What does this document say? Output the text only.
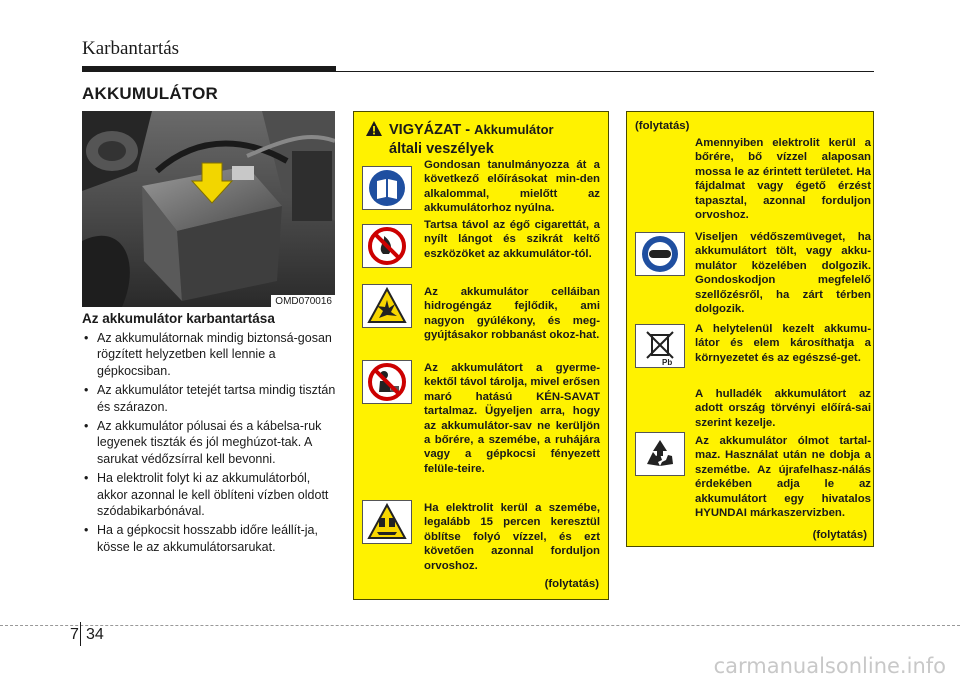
Karbantartás
AKKUMULÁTOR
OMD070016
Az akkumulátor karbantartása
• Az akkumulátornak mindig biztonsá-gosan rögzített helyzetben kell lennie a gépkocsiban.
• Az akkumulátor tetejét tartsa mindig tisztán és szárazon.
• Az akkumulátor pólusai és a kábelsa-ruk legyenek tiszták és jól meghúzot-tak. A sarukat védőzsírral kell bevonni.
• Ha elektrolit folyt ki az akkumulátorból, akkor azonnal le kell öblíteni vízben oldott szódabikarbónával.
• Ha a gépkocsit hosszabb időre leállít-ja, kösse le az akkumulátorsarukat.
VIGYÁZAT - Akkumulátor
általi veszélyek
Gondosan tanulmányozza át a következő előírásokat min-den alkalommal, mielőtt az akkumulátorhoz nyúlna.
Tartsa távol az égő cigarettát, a nyílt lángot és szikrát keltő eszközöket az akkumulátor-tól.
Az akkumulátor celláiban hidrogéngáz fejlődik, ami nagyon gyúlékony, és meg-gyújtásakor robbanást okoz-hat.
Az akkumulátort a gyerme-kektől távol tárolja, mivel erősen maró hatású KÉN-SAVAT tartalmaz. Ügyeljen arra, hogy az akkumulátor-sav ne kerüljön a bőrére, a szemébe, a ruhájára vagy a gépkocsi fényezett felüle-teire.
Ha elektrolit kerül a szemébe, legalább 15 percen keresztül öblítse folyó vízzel, és ezt követően azonnal forduljon orvoshoz.
(folytatás)
(folytatás)
Pb
Amennyiben elektrolit kerül a bőrére, bő vízzel alaposan mossa le az érintett területet. Ha fájdalmat vagy égető érzést tapasztal, azonnal forduljon orvoshoz.
Viseljen védőszemüveget, ha akkumulátort tölt, vagy akku-mulátor közelében dolgozik. Gondoskodjon megfelelő szellőzésről, ha zárt térben dolgozik.
A helytelenül kezelt akkumu-látor és elem károsíthatja a környezetet és az egészsé-get.
A hulladék akkumulátort az adott ország törvényi előírá-sai szerint kezelje.
Az akkumulátor ólmot tartal-maz. Használat után ne dobja a szemétbe. Az újrafelhasz-nálás érdekében adja le az akkumulátort egy hivatalos HYUNDAI márkaszervizben.
(folytatás)
7 34
carmanualsonline.info
